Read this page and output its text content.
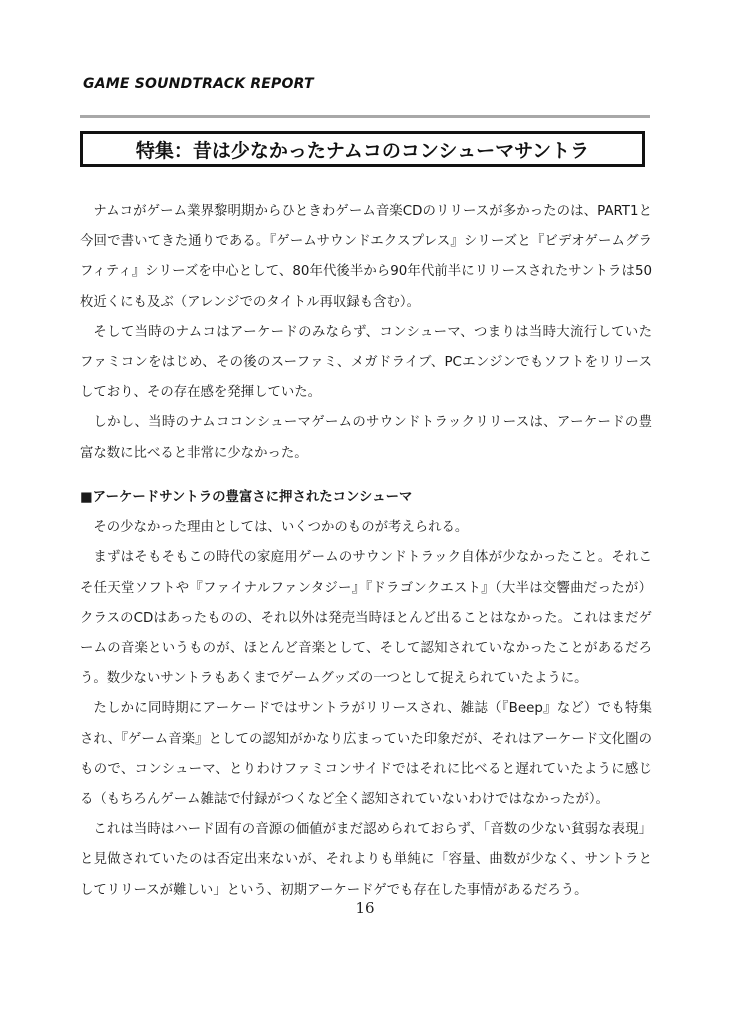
GAME SOUNDTRACK REPORT
特集：昔は少なかったナムコのコンシューマサントラ

ナムコがゲーム業界黎明期からひときわゲーム音楽CDのリリースが多かったのは、PART1と今回で書いてきた通りである。『ゲームサウンドエクスプレス』シリーズと『ビデオゲームグラフィティ』シリーズを中心として、80年代後半から90年代前半にリリースされたサントラは50枚近くにも及ぶ（アレンジでのタイトル再収録も含む）。

そして当時のナムコはアーケードのみならず、コンシューマ、つまりは当時大流行していたファミコンをはじめ、その後のスーファミ、メガドライブ、PCエンジンでもソフトをリリースしており、その存在感を発揮していた。

しかし、当時のナムココンシューマゲームのサウンドトラックリリースは、アーケードの豊富な数に比べると非常に少なかった。

■アーケードサントラの豊富さに押されたコンシューマ

その少なかった理由としては、いくつかのものが考えられる。

まずはそもそもこの時代の家庭用ゲームのサウンドトラック自体が少なかったこと。それこそ任天堂ソフトや『ファイナルファンタジー』『ドラゴンクエスト』（大半は交響曲だったが）クラスのCDはあったものの、それ以外は発売当時ほとんど出ることはなかった。これはまだゲームの音楽というものが、ほとんど音楽として、そして認知されていなかったことがあるだろう。数少ないサントラもあくまでゲームグッズの一つとして捉えられていたように。

たしかに同時期にアーケードではサントラがリリースされ、雑誌（『Beep』など）でも特集され、『ゲーム音楽』としての認知がかなり広まっていた印象だが、それはアーケード文化圏のもので、コンシューマ、とりわけファミコンサイドではそれに比べると遅れていたように感じる（もちろんゲーム雑誌で付録がつくなど全く認知されていないわけではなかったが）。

これは当時はハード固有の音源の価値がまだ認められておらず、「音数の少ない貧弱な表現」と見做されていたのは否定出来ないが、それよりも単純に「容量、曲数が少なく、サントラとしてリリースが難しい」という、初期アーケードゲでも存在した事情があるだろう。

16
